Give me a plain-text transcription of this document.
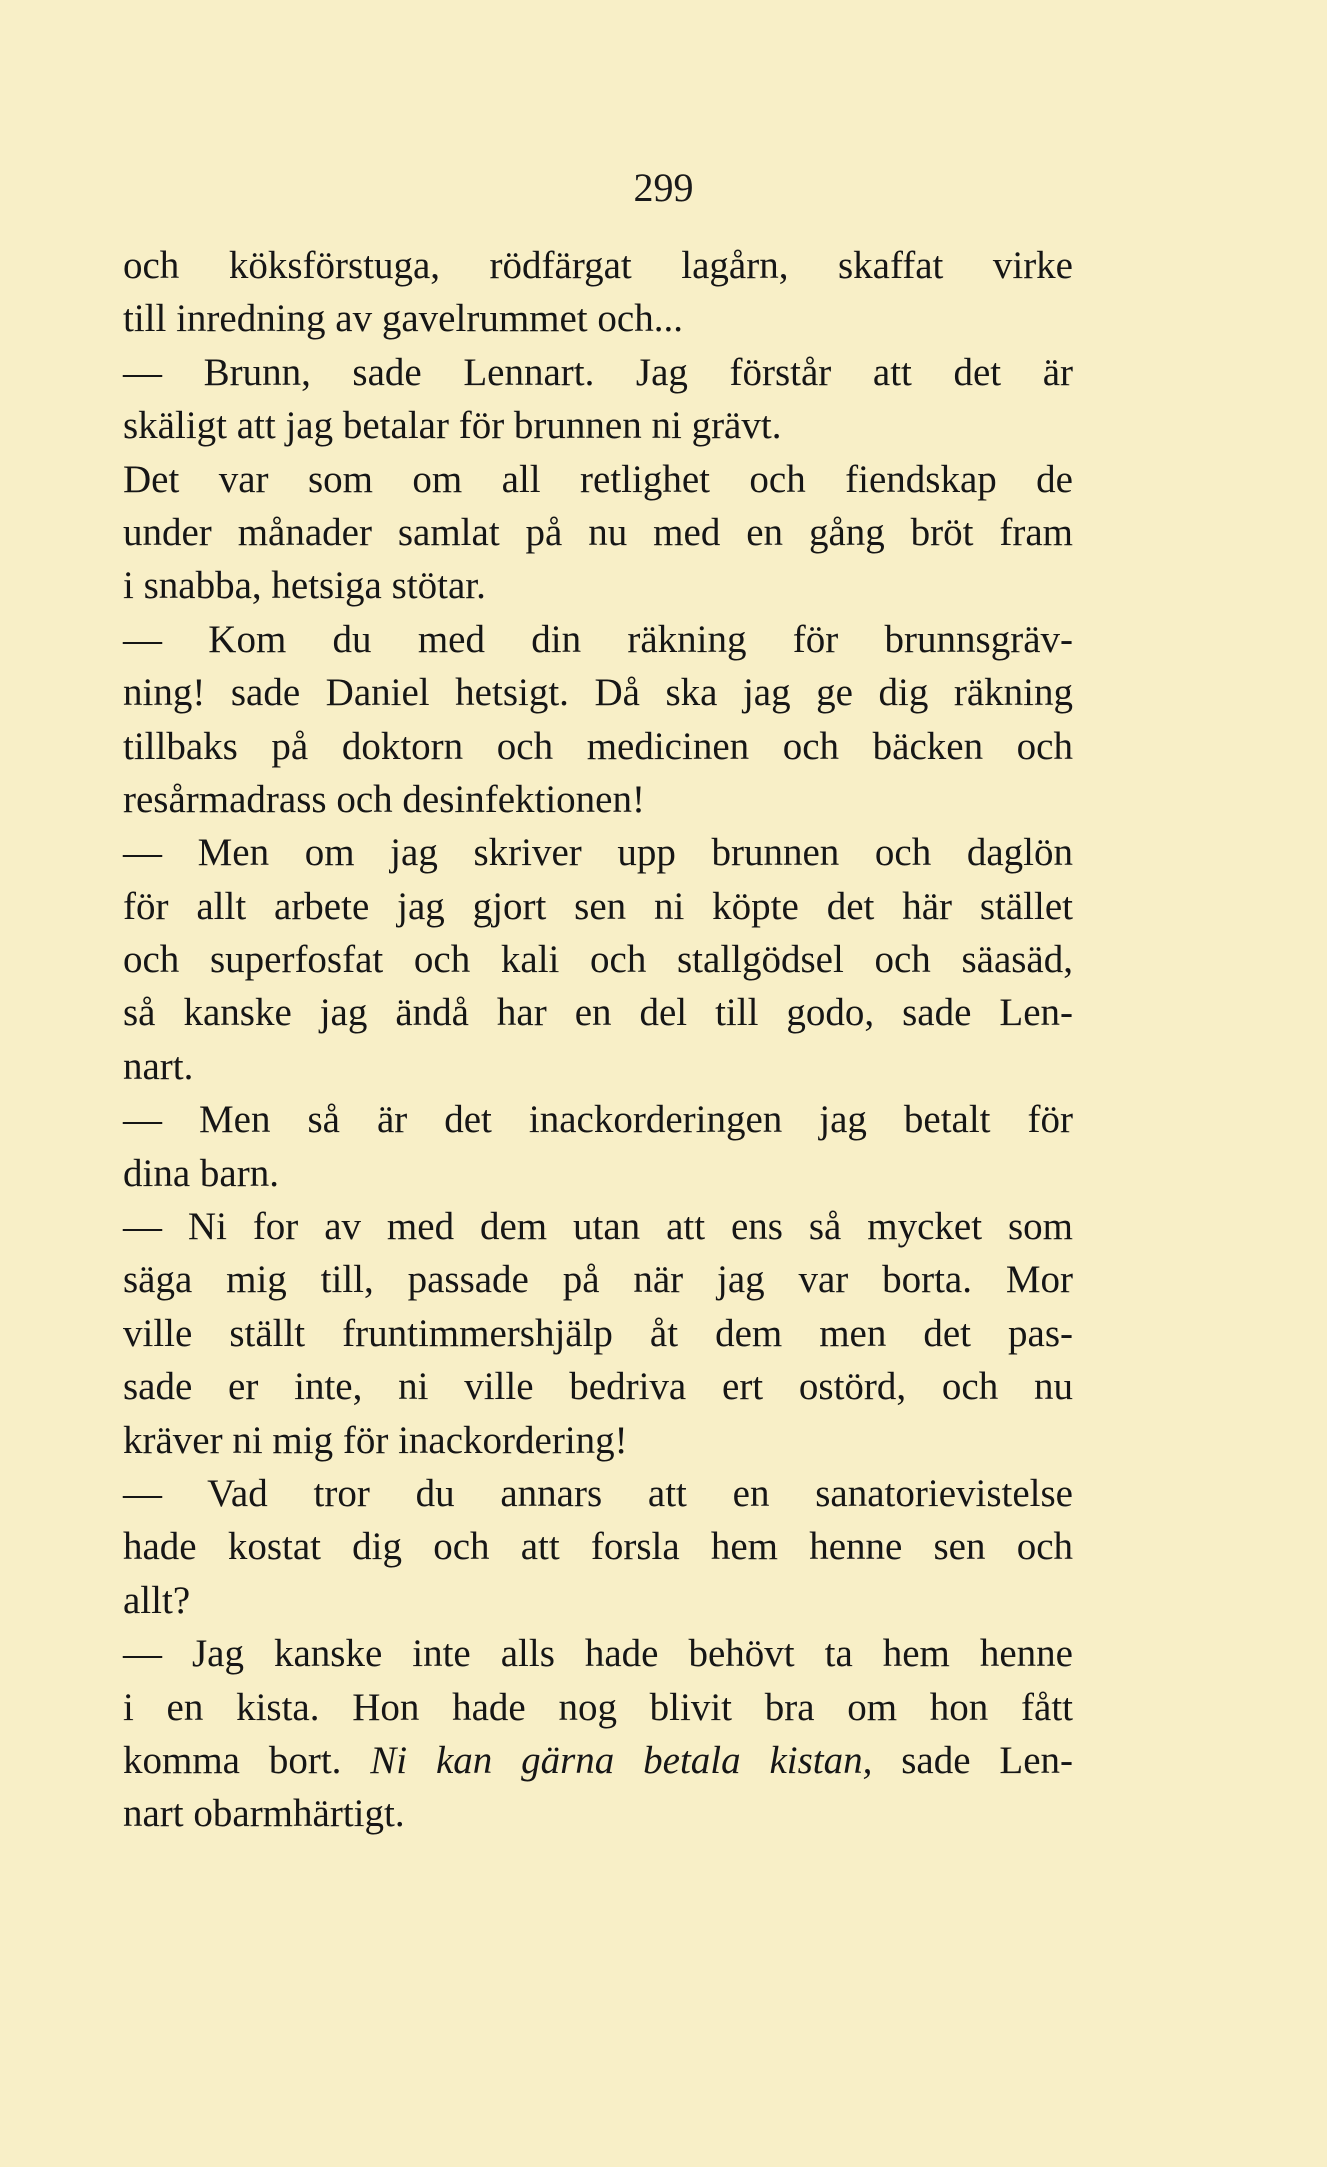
299
och köksförstuga, rödfärgat lagårn, skaffat virke
till inredning av gavelrummet och...
— Brunn, sade Lennart. Jag förstår att det är
skäligt att jag betalar för brunnen ni grävt.
Det var som om all retlighet och fiendskap de
under månader samlat på nu med en gång bröt fram
i snabba, hetsiga stötar.
— Kom du med din räkning för brunnsgräv-
ning! sade Daniel hetsigt. Då ska jag ge dig räkning
tillbaks på doktorn och medicinen och bäcken och
resårmadrass och desinfektionen!
— Men om jag skriver upp brunnen och daglön
för allt arbete jag gjort sen ni köpte det här stället
och superfosfat och kali och stallgödsel och säasäd,
så kanske jag ändå har en del till godo, sade Len-
nart.
— Men så är det inackorderingen jag betalt för
dina barn.
— Ni for av med dem utan att ens så mycket som
säga mig till, passade på när jag var borta. Mor
ville ställt fruntimmershjälp åt dem men det pas-
sade er inte, ni ville bedriva ert ostörd, och nu
kräver ni mig för inackordering!
— Vad tror du annars att en sanatorievistelse
hade kostat dig och att forsla hem henne sen och
allt?
— Jag kanske inte alls hade behövt ta hem henne
i en kista. Hon hade nog blivit bra om hon fått
komma bort. Ni kan gärna betala kistan, sade Len-
nart obarmhärtigt.
